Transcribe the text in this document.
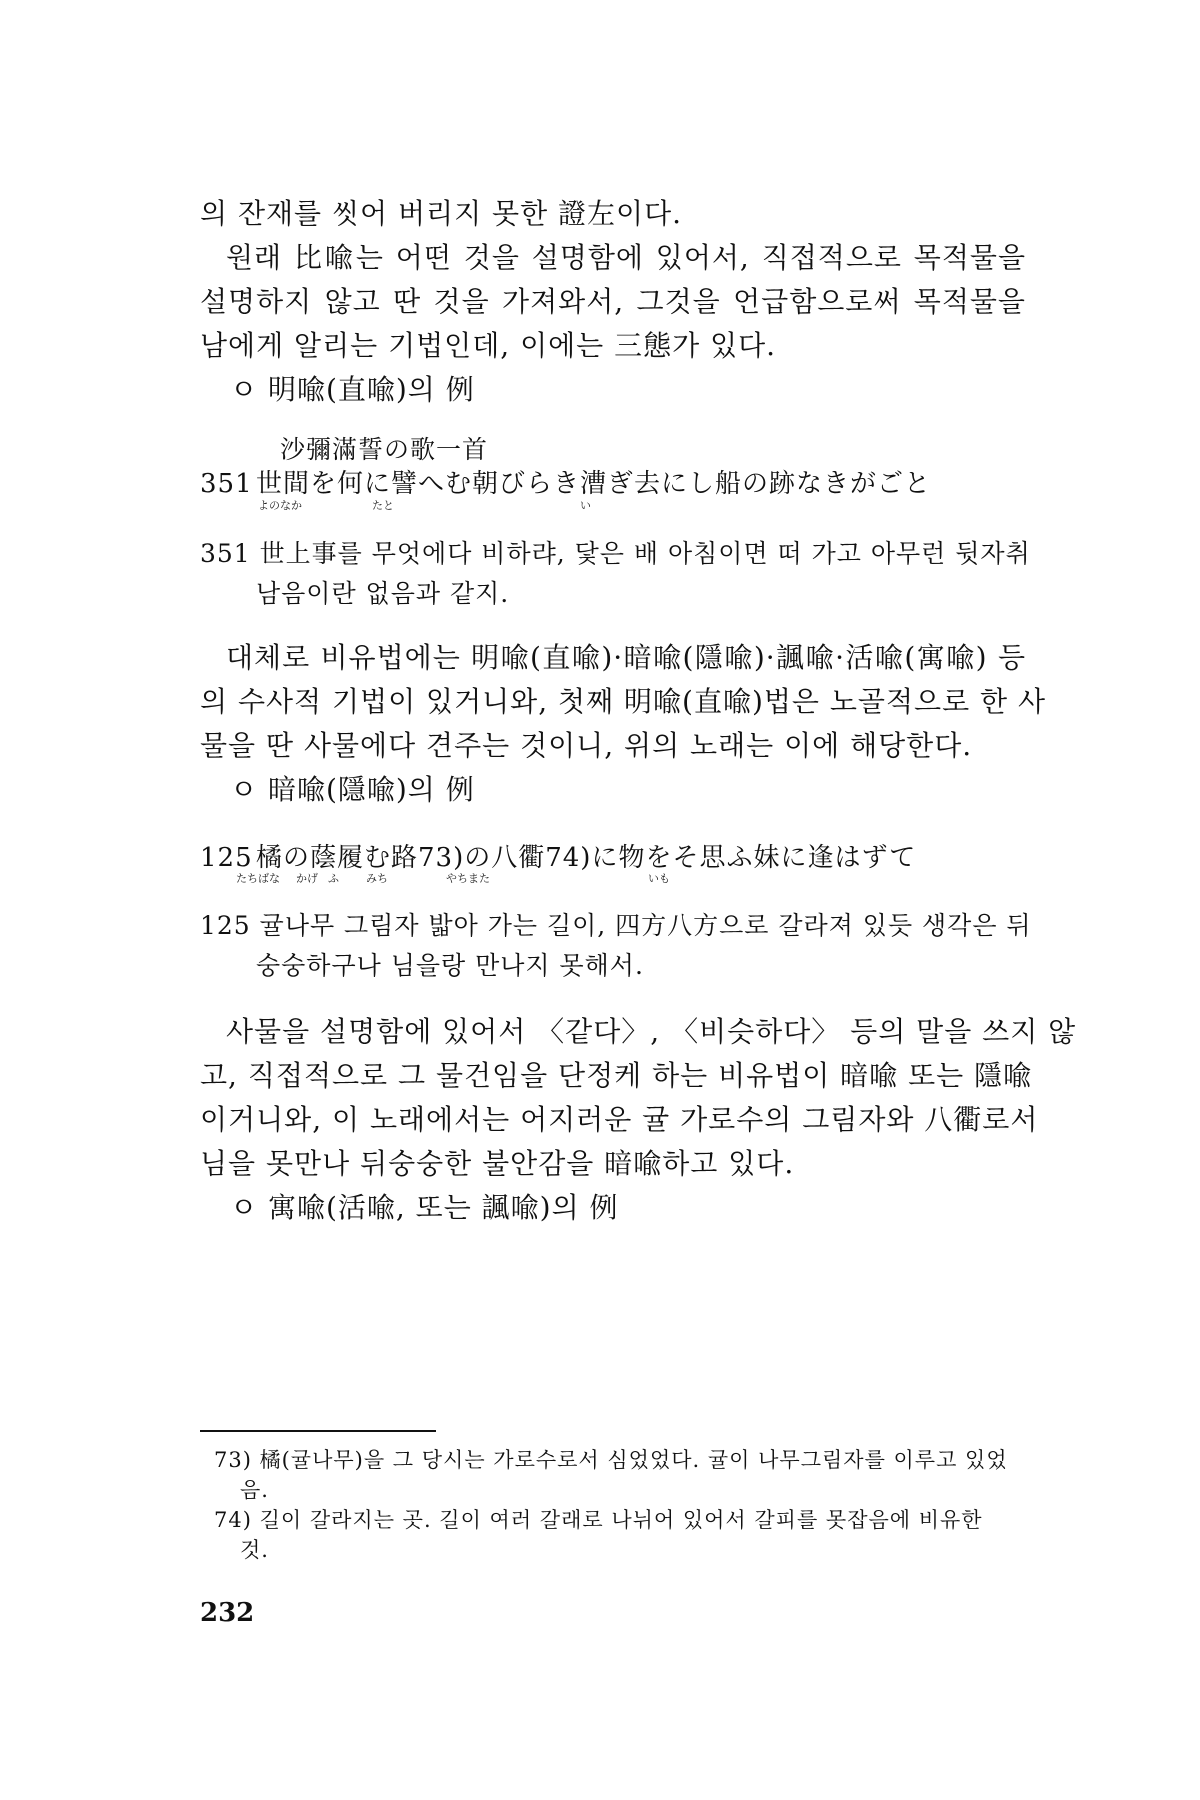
의 잔재를 씻어 버리지 못한 證左이다.
원래 比喩는 어떤 것을 설명함에 있어서, 직접적으로 목적물을
설명하지 않고 딴 것을 가져와서, 그것을 언급함으로써 목적물을
남에게 알리는 기법인데, 이에는 三態가 있다.
ㅇ 明喩(直喩)의 例
沙彌滿誓の歌一首
351 世間を何に譬へむ朝びらき漕ぎ去にし船の跡なきがごと
よのなか	たと	い
351 世上事를 무엇에다 비하랴, 닻은 배 아침이면 떠 가고 아무런 뒷자취
남음이란 없음과 같지.
대체로 비유법에는 明喩(直喩)·暗喩(隱喩)·諷喩·活喩(寓喩) 등
의 수사적 기법이 있거니와, 첫째 明喩(直喩)법은 노골적으로 한 사
물을 딴 사물에다 견주는 것이니, 위의 노래는 이에 해당한다.
ㅇ 暗喩(隱喩)의 例
125 橘の蔭履む路73)の八衢74)に物をそ思ふ妹に逢はずて
たちばな かげ ふ みち	やちまた	いも
125 귤나무 그림자 밟아 가는 길이, 四方八方으로 갈라져 있듯 생각은 뒤
숭숭하구나 님을랑 만나지 못해서.
사물을 설명함에 있어서 〈같다〉, 〈비슷하다〉 등의 말을 쓰지 않
고, 직접적으로 그 물건임을 단정케 하는 비유법이 暗喩 또는 隱喩
이거니와, 이 노래에서는 어지러운 귤 가로수의 그림자와 八衢로서
님을 못만나 뒤숭숭한 불안감을 暗喩하고 있다.
ㅇ 寓喩(活喩, 또는 諷喩)의 例
73) 橘(귤나무)을 그 당시는 가로수로서 심었었다. 귤이 나무그림자를 이루고 있었
음.
74) 길이 갈라지는 곳. 길이 여러 갈래로 나뉘어 있어서 갈피를 못잡음에 비유한
것.
232
